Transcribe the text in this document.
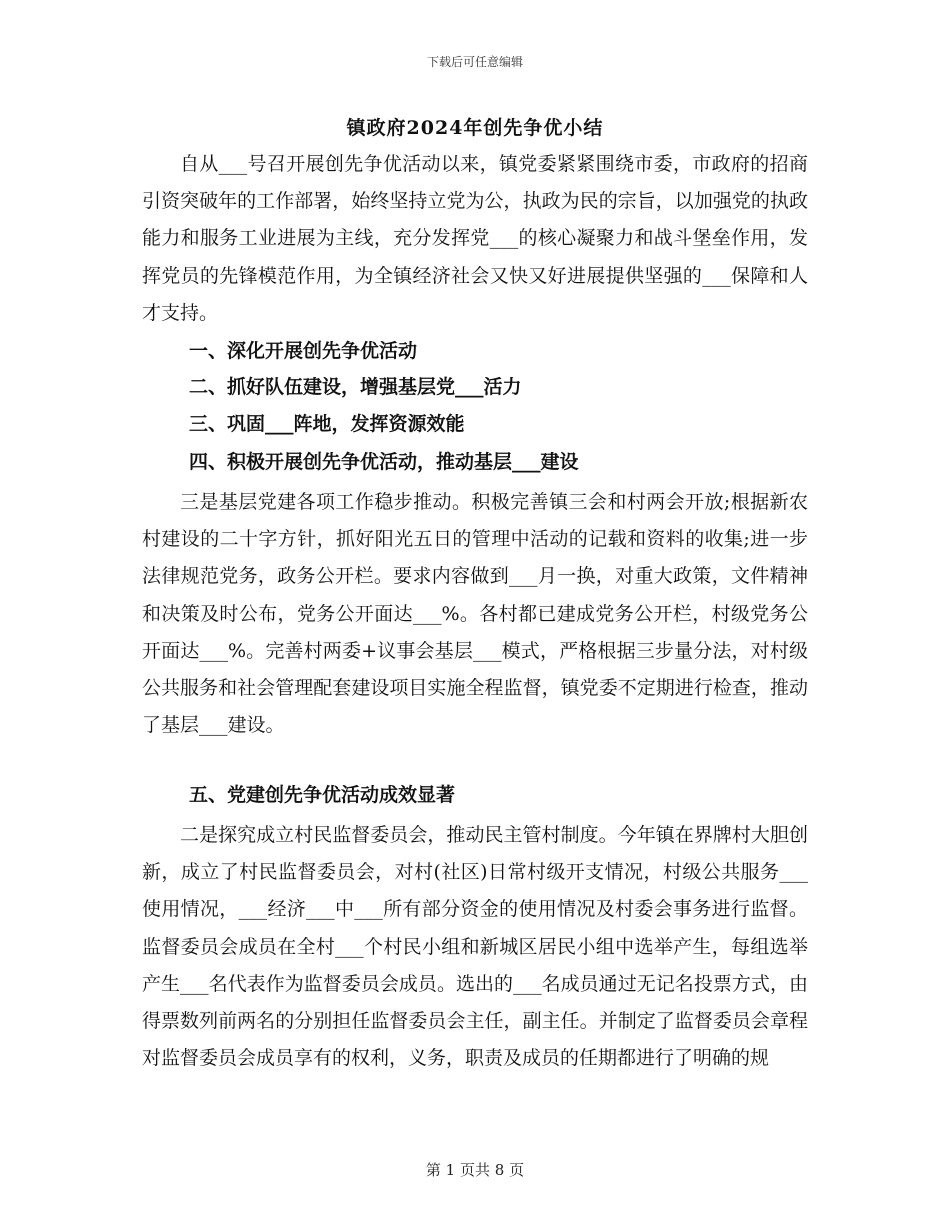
下载后可任意编辑
镇政府2024年创先争优小结

自从___号召开展创先争优活动以来，镇党委紧紧围绕市委，市政府的招商引资突破年的工作部署，始终坚持立党为公，执政为民的宗旨，以加强党的执政能力和服务工业进展为主线，充分发挥党___的核心凝聚力和战斗堡垒作用，发挥党员的先锋模范作用，为全镇经济社会又快又好进展提供坚强的___保障和人才支持。

一、深化开展创先争优活动
二、抓好队伍建设，增强基层党___活力
三、巩固___阵地，发挥资源效能
四、积极开展创先争优活动，推动基层___建设

三是基层党建各项工作稳步推动。积极完善镇三会和村两会开放;根据新农村建设的二十字方针，抓好阳光五日的管理中活动的记载和资料的收集;进一步法律规范党务，政务公开栏。要求内容做到___月一换，对重大政策，文件精神和决策及时公布，党务公开面达___%。各村都已建成党务公开栏，村级党务公开面达___%。完善村两委+议事会基层___模式，严格根据三步量分法，对村级公共服务和社会管理配套建设项目实施全程监督，镇党委不定期进行检查，推动了基层___建设。

五、党建创先争优活动成效显著

二是探究成立村民监督委员会，推动民主管村制度。今年镇在界牌村大胆创新，成立了村民监督委员会，对村(社区)日常村级开支情况，村级公共服务___使用情况，___经济___中___所有部分资金的使用情况及村委会事务进行监督。监督委员会成员在全村___个村民小组和新城区居民小组中选举产生，每组选举产生___名代表作为监督委员会成员。选出的___名成员通过无记名投票方式，由得票数列前两名的分别担任监督委员会主任，副主任。并制定了监督委员会章程对监督委员会成员享有的权利，义务，职责及成员的任期都进行了明确的规

第 1 页共 8 页
